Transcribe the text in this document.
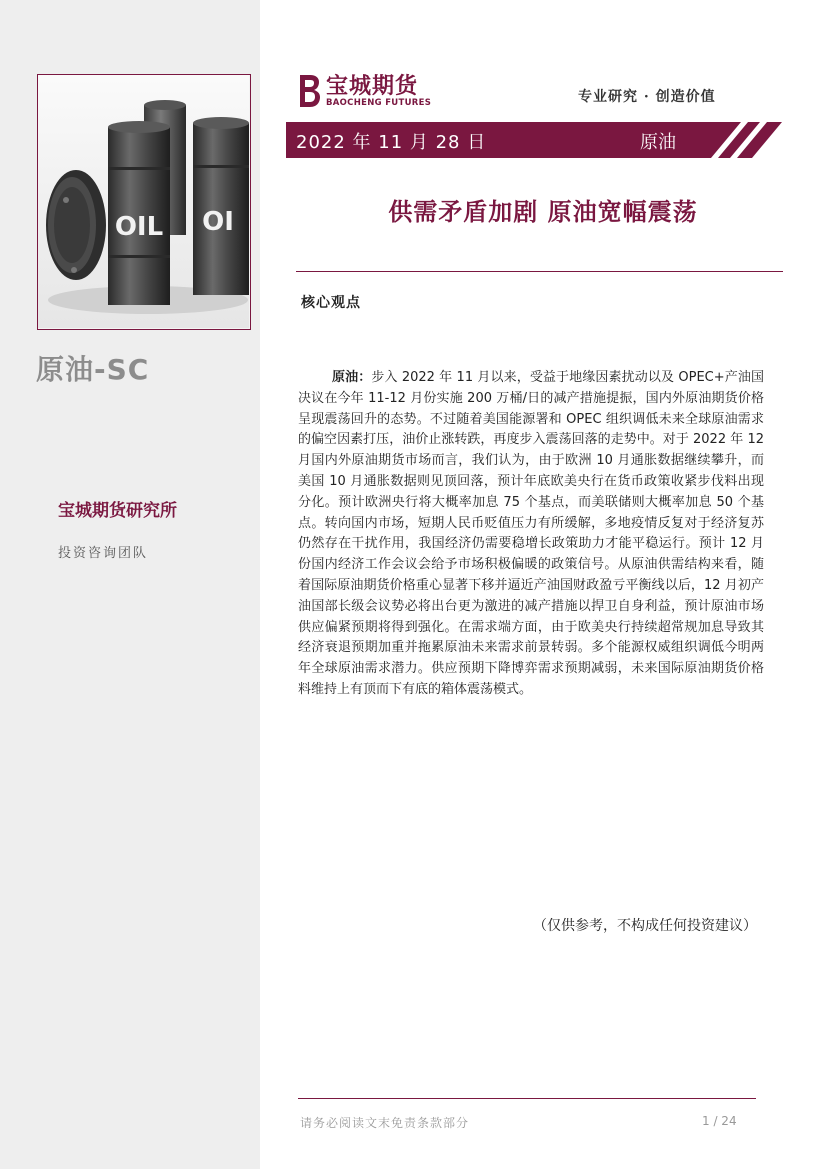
OIL OI
原油-SC
宝城期货研究所
投资咨询团队
宝城期货
BAOCHENG FUTURES	专业研究 · 创造价值
2022 年 11 月 28 日	原油
供需矛盾加剧 原油宽幅震荡
核心观点
原油：步入 2022 年 11 月以来，受益于地缘因素扰动以及 OPEC+产油国决议在今年 11-12 月份实施 200 万桶/日的减产措施提振，国内外原油期货价格呈现震荡回升的态势。不过随着美国能源署和 OPEC 组织调低未来全球原油需求的偏空因素打压，油价止涨转跌，再度步入震荡回落的走势中。对于 2022 年 12 月国内外原油期货市场而言，我们认为，由于欧洲 10 月通胀数据继续攀升，而美国 10 月通胀数据则见顶回落，预计年底欧美央行在货币政策收紧步伐料出现分化。预计欧洲央行将大概率加息 75 个基点，而美联储则大概率加息 50 个基点。转向国内市场，短期人民币贬值压力有所缓解，多地疫情反复对于经济复苏仍然存在干扰作用，我国经济仍需要稳增长政策助力才能平稳运行。预计 12 月份国内经济工作会议会给予市场积极偏暖的政策信号。从原油供需结构来看，随着国际原油期货价格重心显著下移并逼近产油国财政盈亏平衡线以后，12 月初产油国部长级会议势必将出台更为激进的减产措施以捍卫自身利益，预计原油市场供应偏紧预期将得到强化。在需求端方面，由于欧美央行持续超常规加息导致其经济衰退预期加重并拖累原油未来需求前景转弱。多个能源权威组织调低今明两年全球原油需求潜力。供应预期下降博弈需求预期减弱，未来国际原油期货价格料维持上有顶而下有底的箱体震荡模式。
（仅供参考，不构成任何投资建议）
请务必阅读文末免责条款部分	1 / 24
